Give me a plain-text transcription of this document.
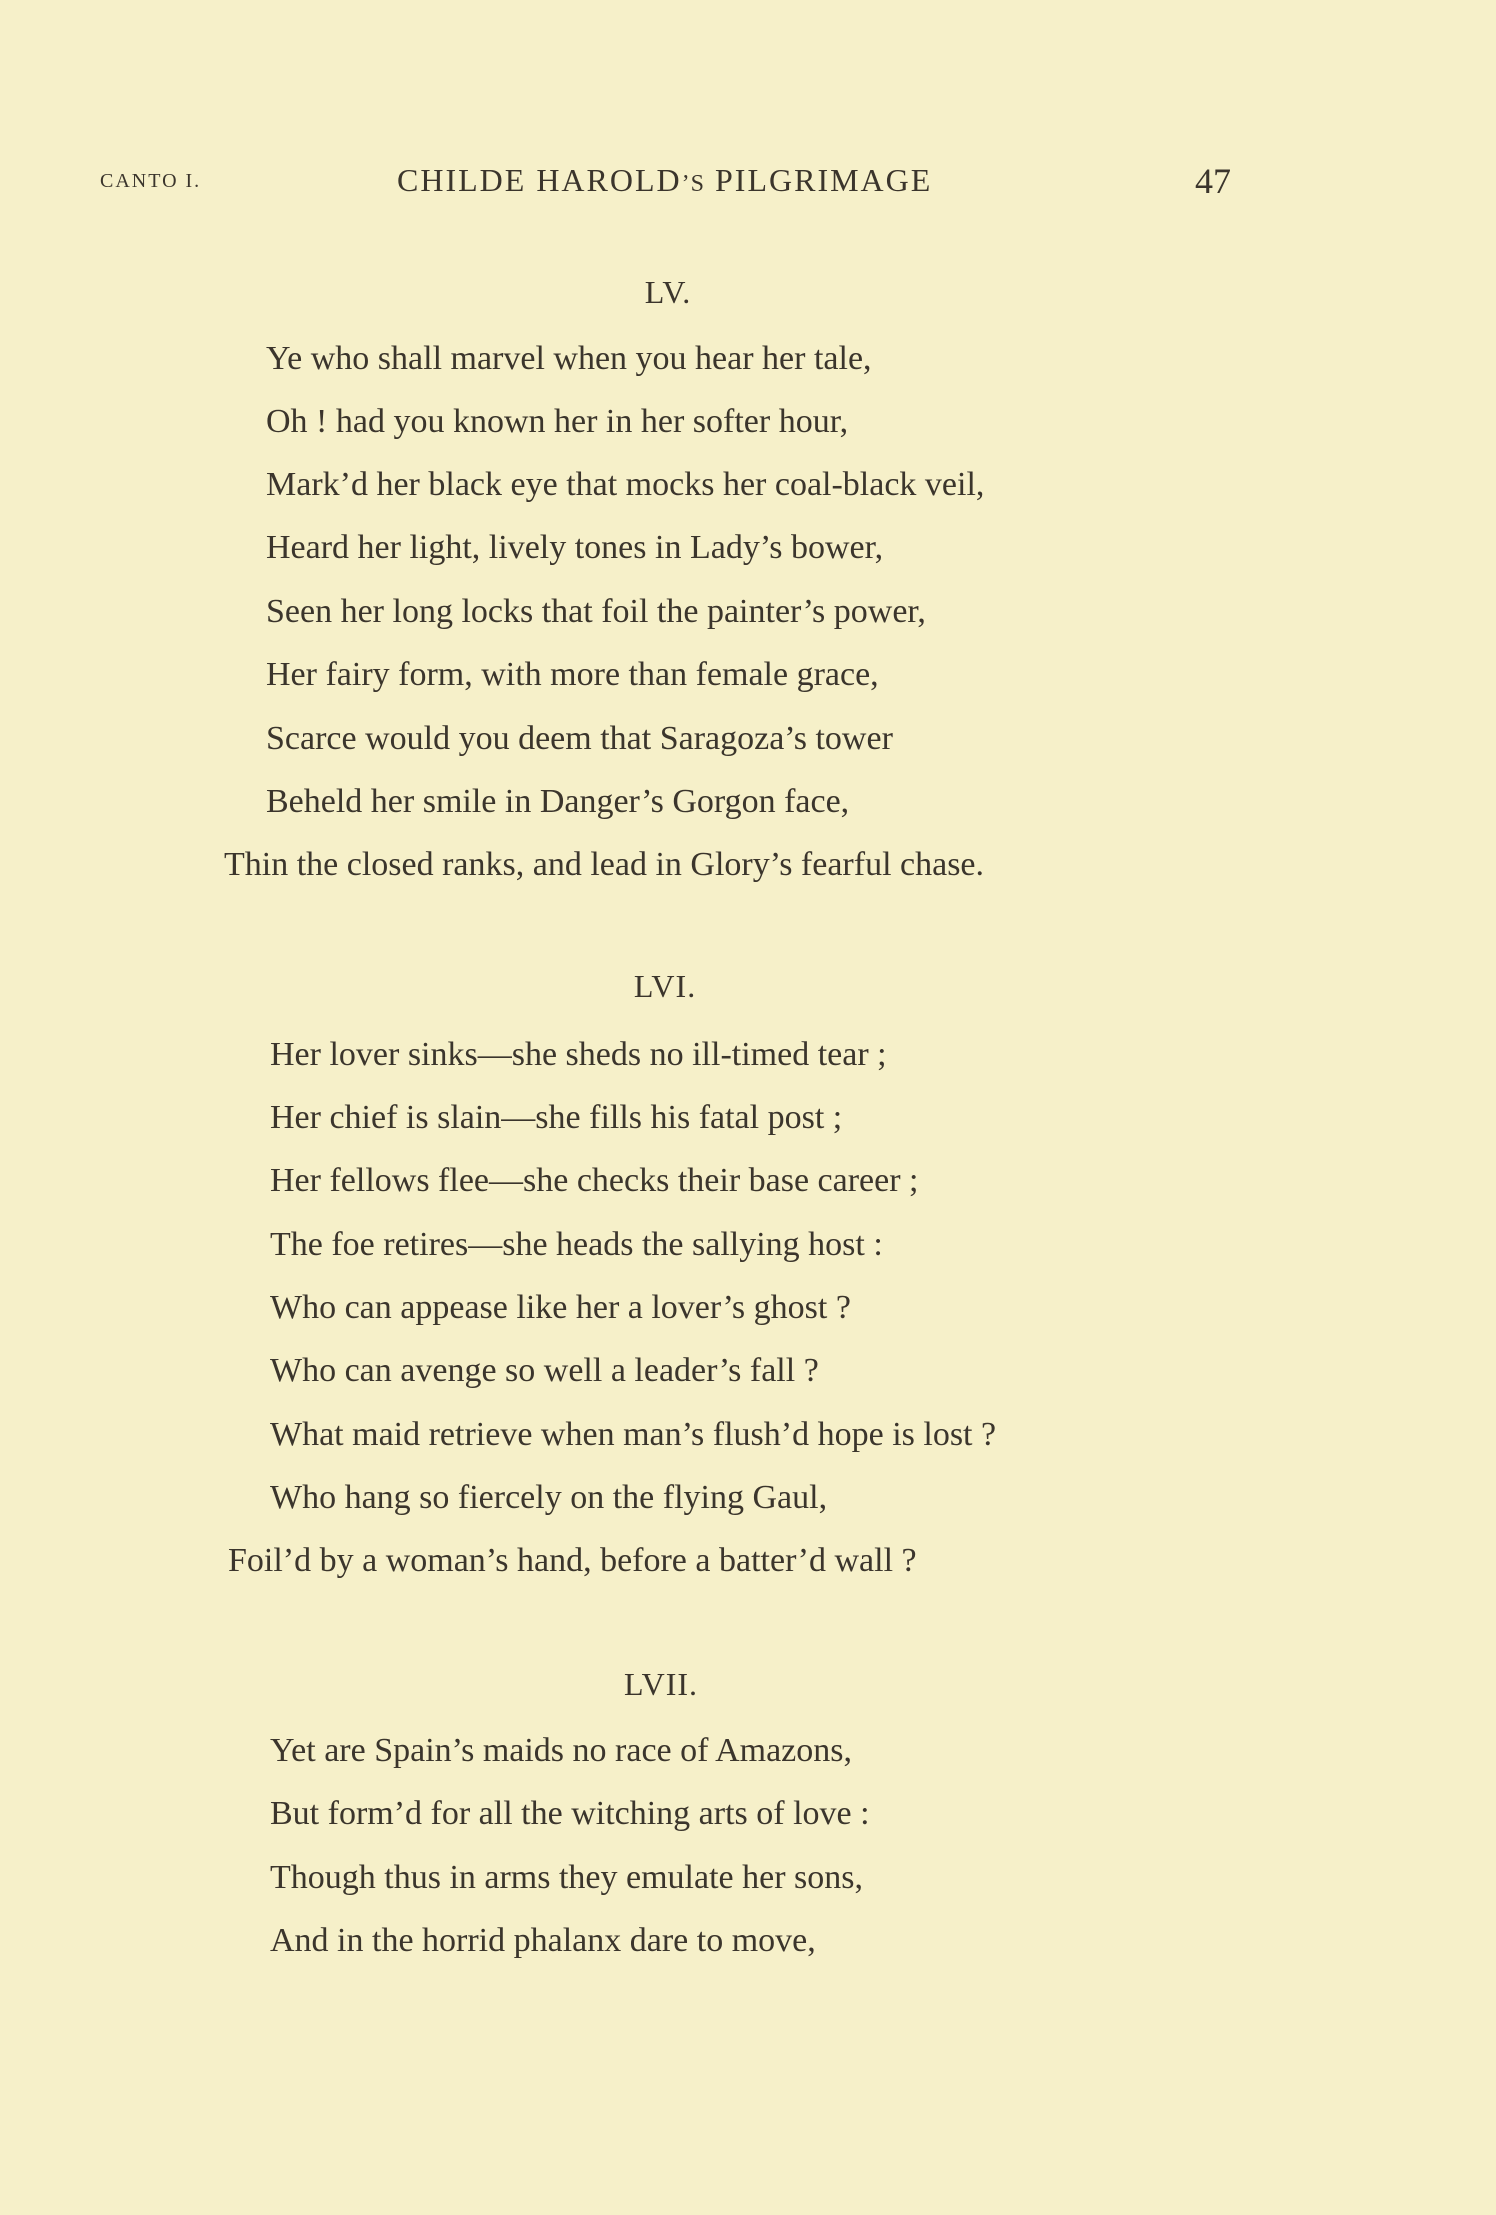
CANTO I.	CHILDE HAROLD’S PILGRIMAGE	47
LV.
Ye who shall marvel when you hear her tale,
Oh ! had you known her in her softer hour,
Mark’d her black eye that mocks her coal-black veil,
Heard her light, lively tones in Lady’s bower,
Seen her long locks that foil the painter’s power,
Her fairy form, with more than female grace,
Scarce would you deem that Saragoza’s tower
Beheld her smile in Danger’s Gorgon face,
Thin the closed ranks, and lead in Glory’s fearful chase.
LVI.
Her lover sinks—she sheds no ill-timed tear ;
Her chief is slain—she fills his fatal post ;
Her fellows flee—she checks their base career ;
The foe retires—she heads the sallying host :
Who can appease like her a lover’s ghost ?
Who can avenge so well a leader’s fall ?
What maid retrieve when man’s flush’d hope is lost ?
Who hang so fiercely on the flying Gaul,
Foil’d by a woman’s hand, before a batter’d wall ?
LVII.
Yet are Spain’s maids no race of Amazons,
But form’d for all the witching arts of love :
Though thus in arms they emulate her sons,
And in the horrid phalanx dare to move,
